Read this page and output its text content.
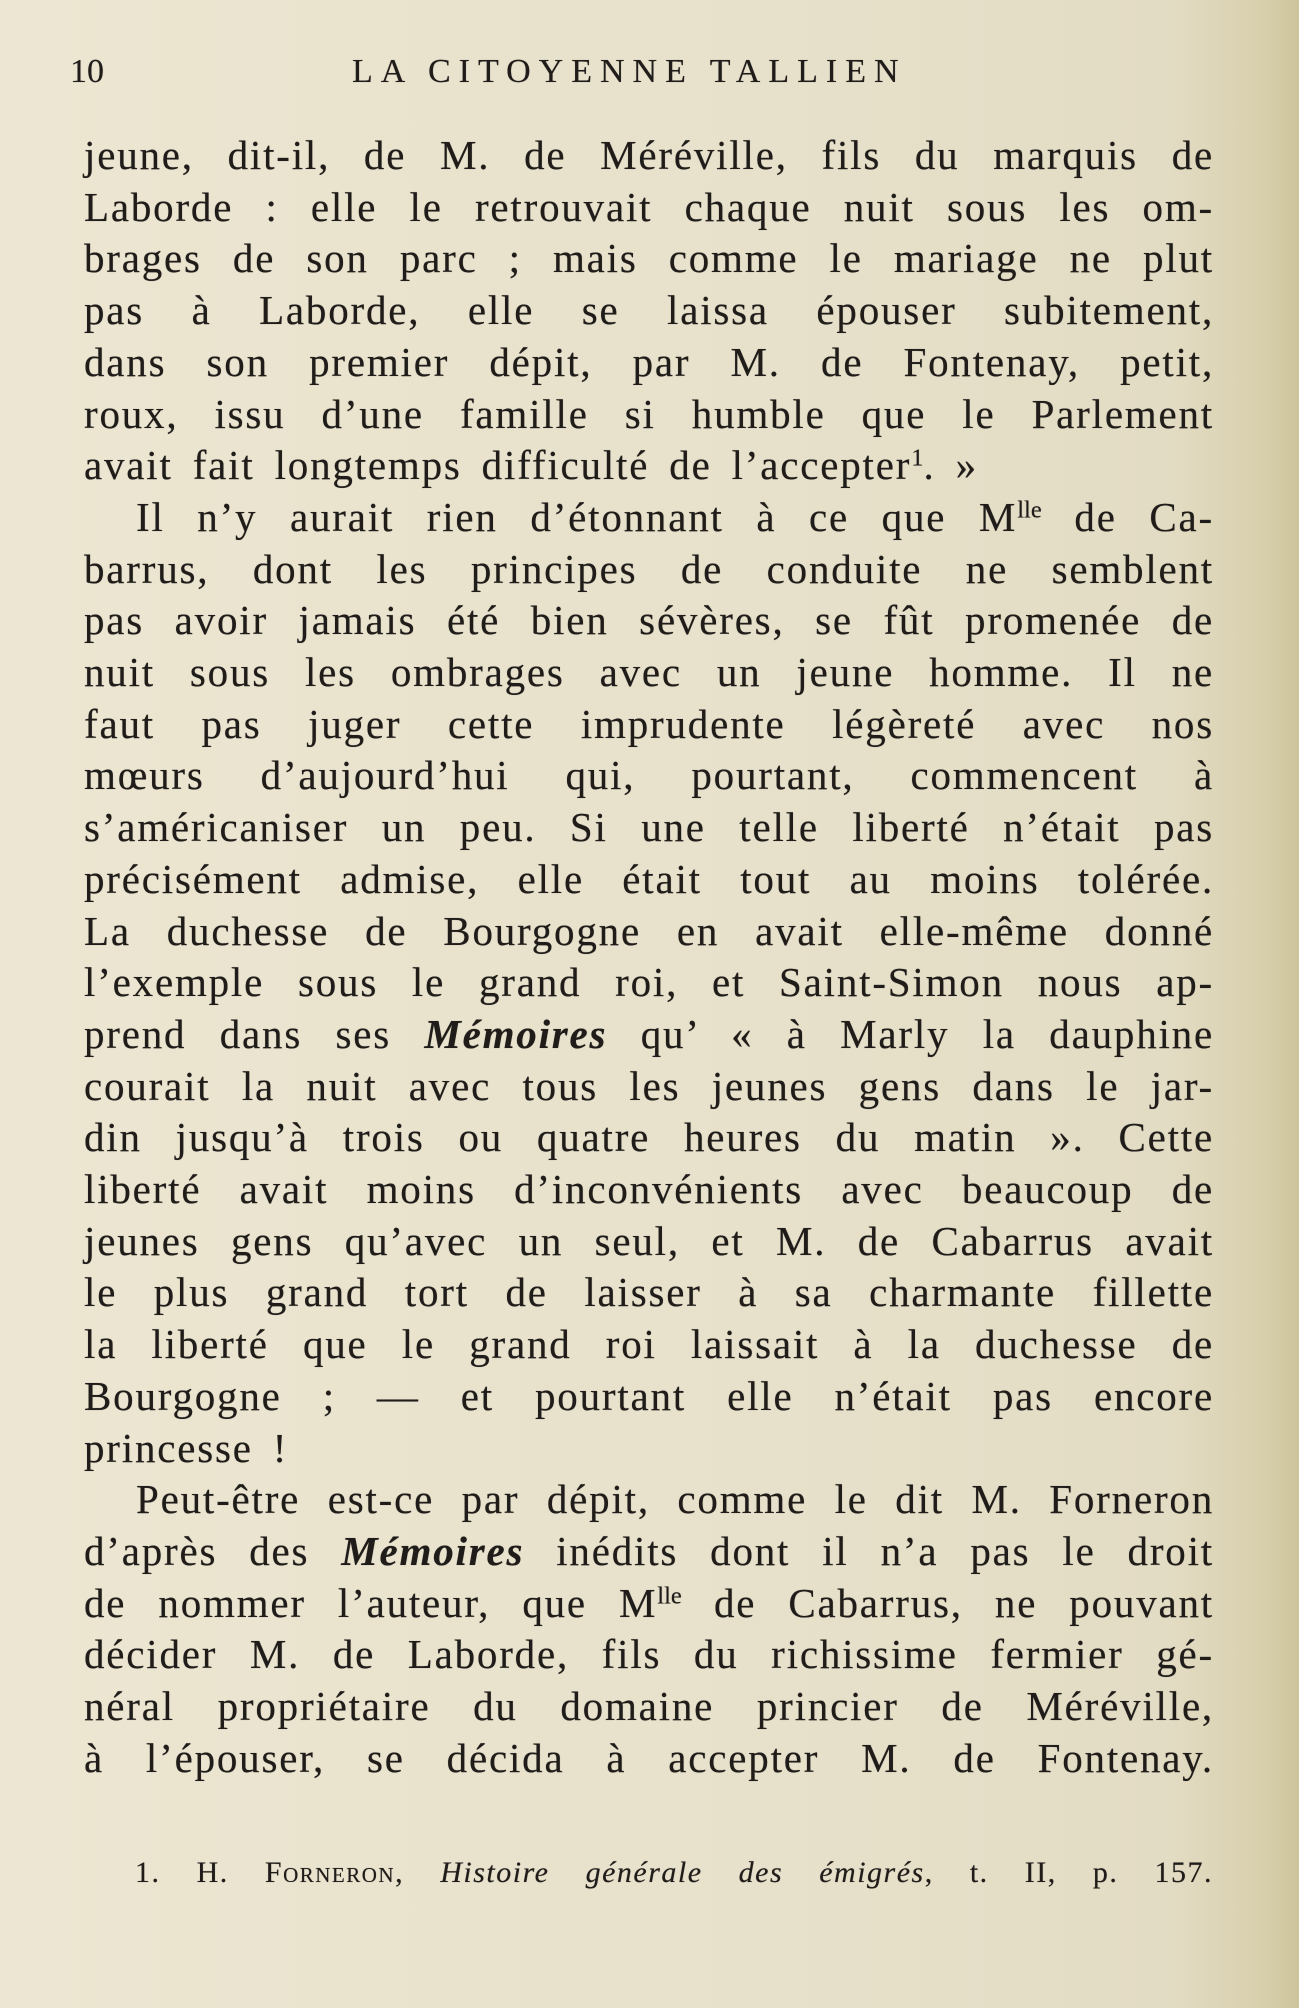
10	LA CITOYENNE TALLIEN
jeune, dit-il, de M. de Méréville, fils du marquis de
Laborde : elle le retrouvait chaque nuit sous les om-
brages de son parc ; mais comme le mariage ne plut
pas à Laborde, elle se laissa épouser subitement,
dans son premier dépit, par M. de Fontenay, petit,
roux, issu d’une famille si humble que le Parlement
avait fait longtemps difficulté de l’accepter$^1$. »
Il n’y aurait rien d’étonnant à ce que $M^{lle}$ de Ca-
barrus, dont les principes de conduite ne semblent
pas avoir jamais été bien sévères, se fût promenée de
nuit sous les ombrages avec un jeune homme. Il ne
faut pas juger cette imprudente légèreté avec nos
mœurs d’aujourd’hui qui, pourtant, commencent à
s’américaniser un peu. Si une telle liberté n’était pas
précisément admise, elle était tout au moins tolérée.
La duchesse de Bourgogne en avait elle-même donné
l’exemple sous le grand roi, et Saint-Simon nous ap-
prend dans ses Mémoires qu’ « à Marly la dauphine
courait la nuit avec tous les jeunes gens dans le jar-
din jusqu’à trois ou quatre heures du matin ». Cette
liberté avait moins d’inconvénients avec beaucoup de
jeunes gens qu’avec un seul, et M. de Cabarrus avait
le plus grand tort de laisser à sa charmante fillette
la liberté que le grand roi laissait à la duchesse de
Bourgogne ; — et pourtant elle n’était pas encore
princesse !
Peut-être est-ce par dépit, comme le dit M. Forneron
d’après des Mémoires inédits dont il n’a pas le droit
de nommer l’auteur, que $M^{lle}$ de Cabarrus, ne pouvant
décider M. de Laborde, fils du richissime fermier gé-
néral propriétaire du domaine princier de Méréville,
à l’épouser, se décida à accepter M. de Fontenay.
1. H. Forneron, Histoire générale des émigrés, t. II, p. 157.
